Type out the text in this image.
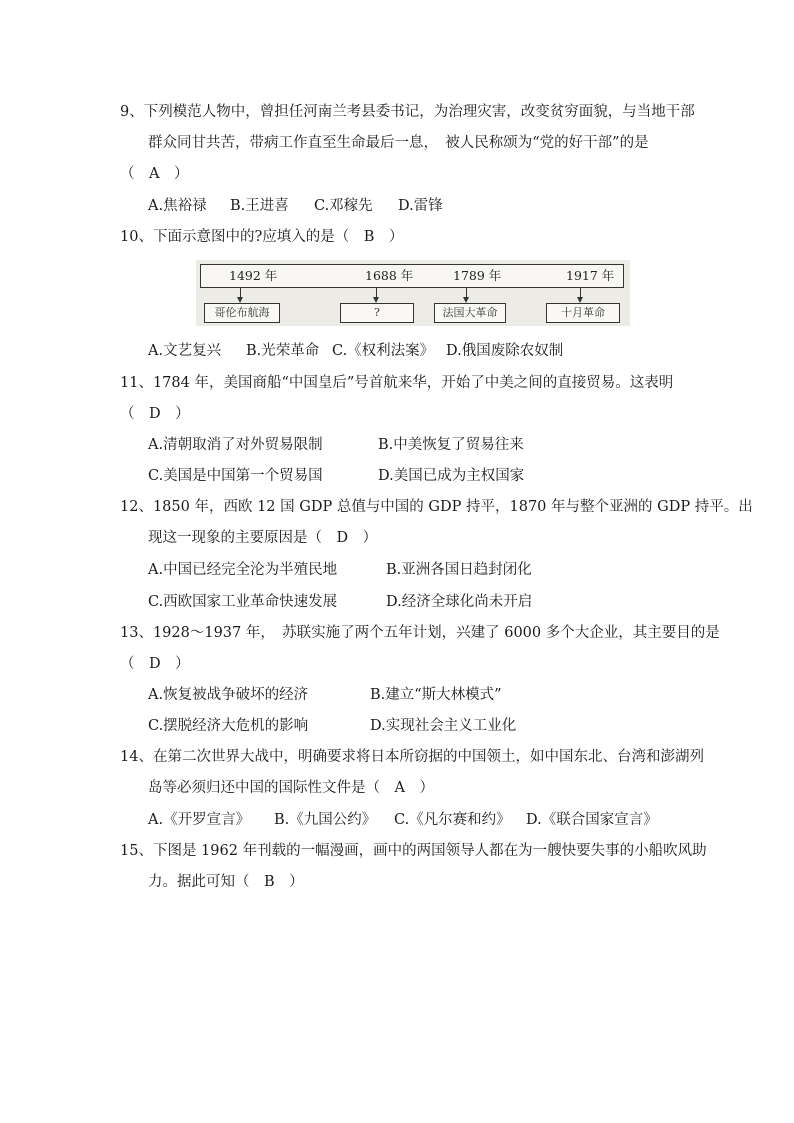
9、下列模范人物中，曾担任河南兰考县委书记，为治理灾害，改变贫穷面貌，与当地干部
群众同甘共苦，带病工作直至生命最后一息，　被人民称颂为“党的好干部”的是
（　A　）
A.焦裕禄 B.王进喜 C.邓稼先 D.雷锋
10、下面示意图中的?应填入的是（　B　）
1492 年	1688 年	1789 年	1917 年
哥伦布航海	?	法国大革命	十月革命
A.文艺复兴 B.光荣革命 C.《权利法案》 D.俄国废除农奴制
11、1784 年，美国商船“中国皇后”号首航来华，开始了中美之间的直接贸易。这表明
（　D　）
A.清朝取消了对外贸易限制	B.中美恢复了贸易往来
C.美国是中国第一个贸易国	D.美国已成为主权国家
12、1850 年，西欧 12 国 GDP 总值与中国的 GDP 持平，1870 年与整个亚洲的 GDP 持平。出
现这一现象的主要原因是（　D　）
A.中国已经完全沦为半殖民地	B.亚洲各国日趋封闭化
C.西欧国家工业革命快速发展	D.经济全球化尚未开启
13、1928～1937 年，　苏联实施了两个五年计划，兴建了 6000 多个大企业，其主要目的是
（　D　）
A.恢复被战争破坏的经济	B.建立“斯大林模式”
C.摆脱经济大危机的影响	D.实现社会主义工业化
14、在第二次世界大战中，明确要求将日本所窃据的中国领土，如中国东北、台湾和澎湖列
岛等必须归还中国的国际性文件是（　A　）
A.《开罗宣言》 B.《九国公约》 C.《凡尔赛和约》 D.《联合国家宣言》
15、下图是 1962 年刊载的一幅漫画，画中的两国领导人都在为一艘快要失事的小船吹风助
力。据此可知（　B　）
